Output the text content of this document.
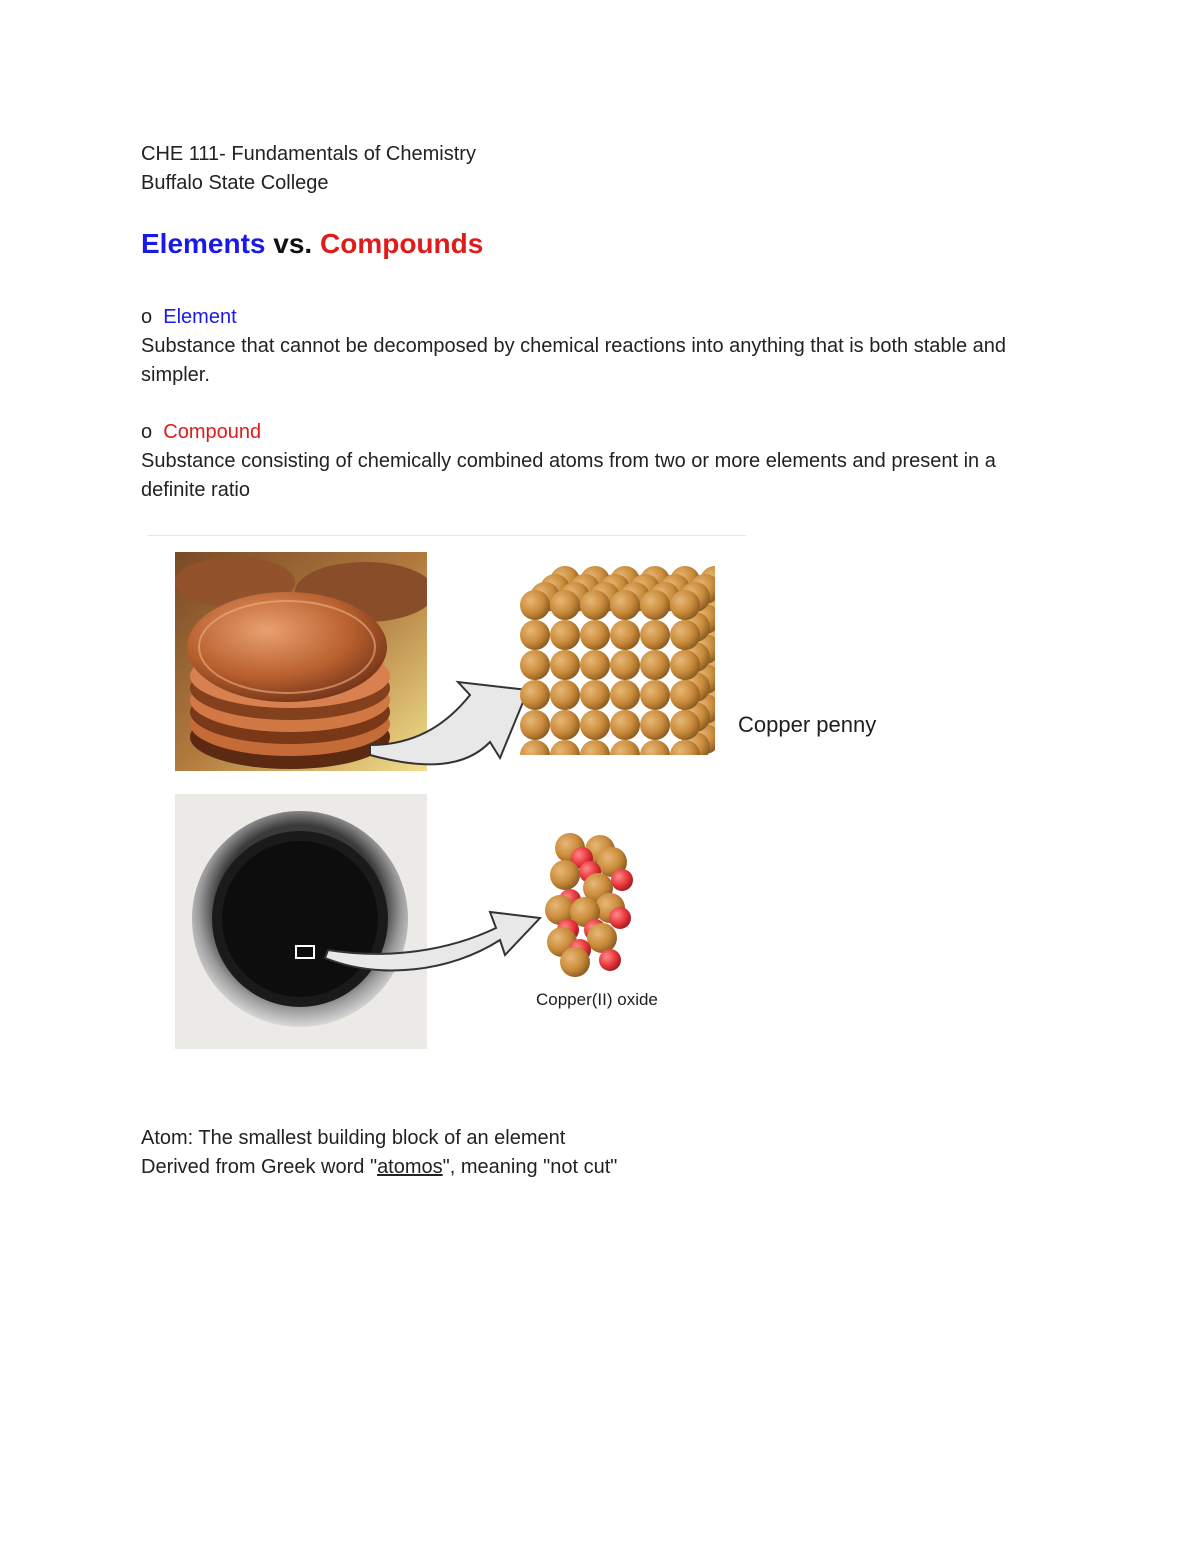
CHE 111- Fundamentals of Chemistry
Buffalo State College
Elements vs. Compounds
o Element
Substance that cannot be decomposed by chemical reactions into anything that is both stable and simpler.
o Compound
Substance consisting of chemically combined atoms from two or more elements and present in a definite ratio
Copper penny
Copper(II) oxide
Atom: The smallest building block of an element
Derived from Greek word "atomos", meaning "not cut"
